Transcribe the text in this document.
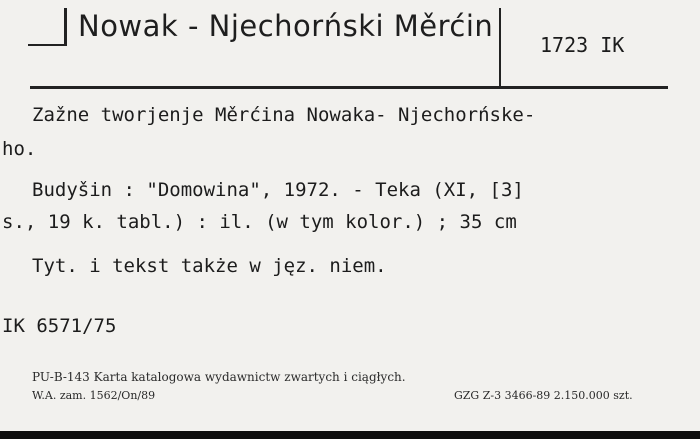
Nowak - Njechorński Měrćin
1723 IK
Zažne tworjenje Měrćina Nowaka- Njechorńske-
ho.
Budyšin : "Domowina", 1972. - Teka (XI, [3]
s., 19 k. tabl.) : il. (w tym kolor.) ; 35 cm
Tyt. i tekst także w jęz. niem.
IK 6571/75
PU-B-143 Karta katalogowa wydawnictw zwartych i ciągłych.
W.A. zam. 1562/On/89	GZG Z-3 3466-89 2.150.000 szt.
